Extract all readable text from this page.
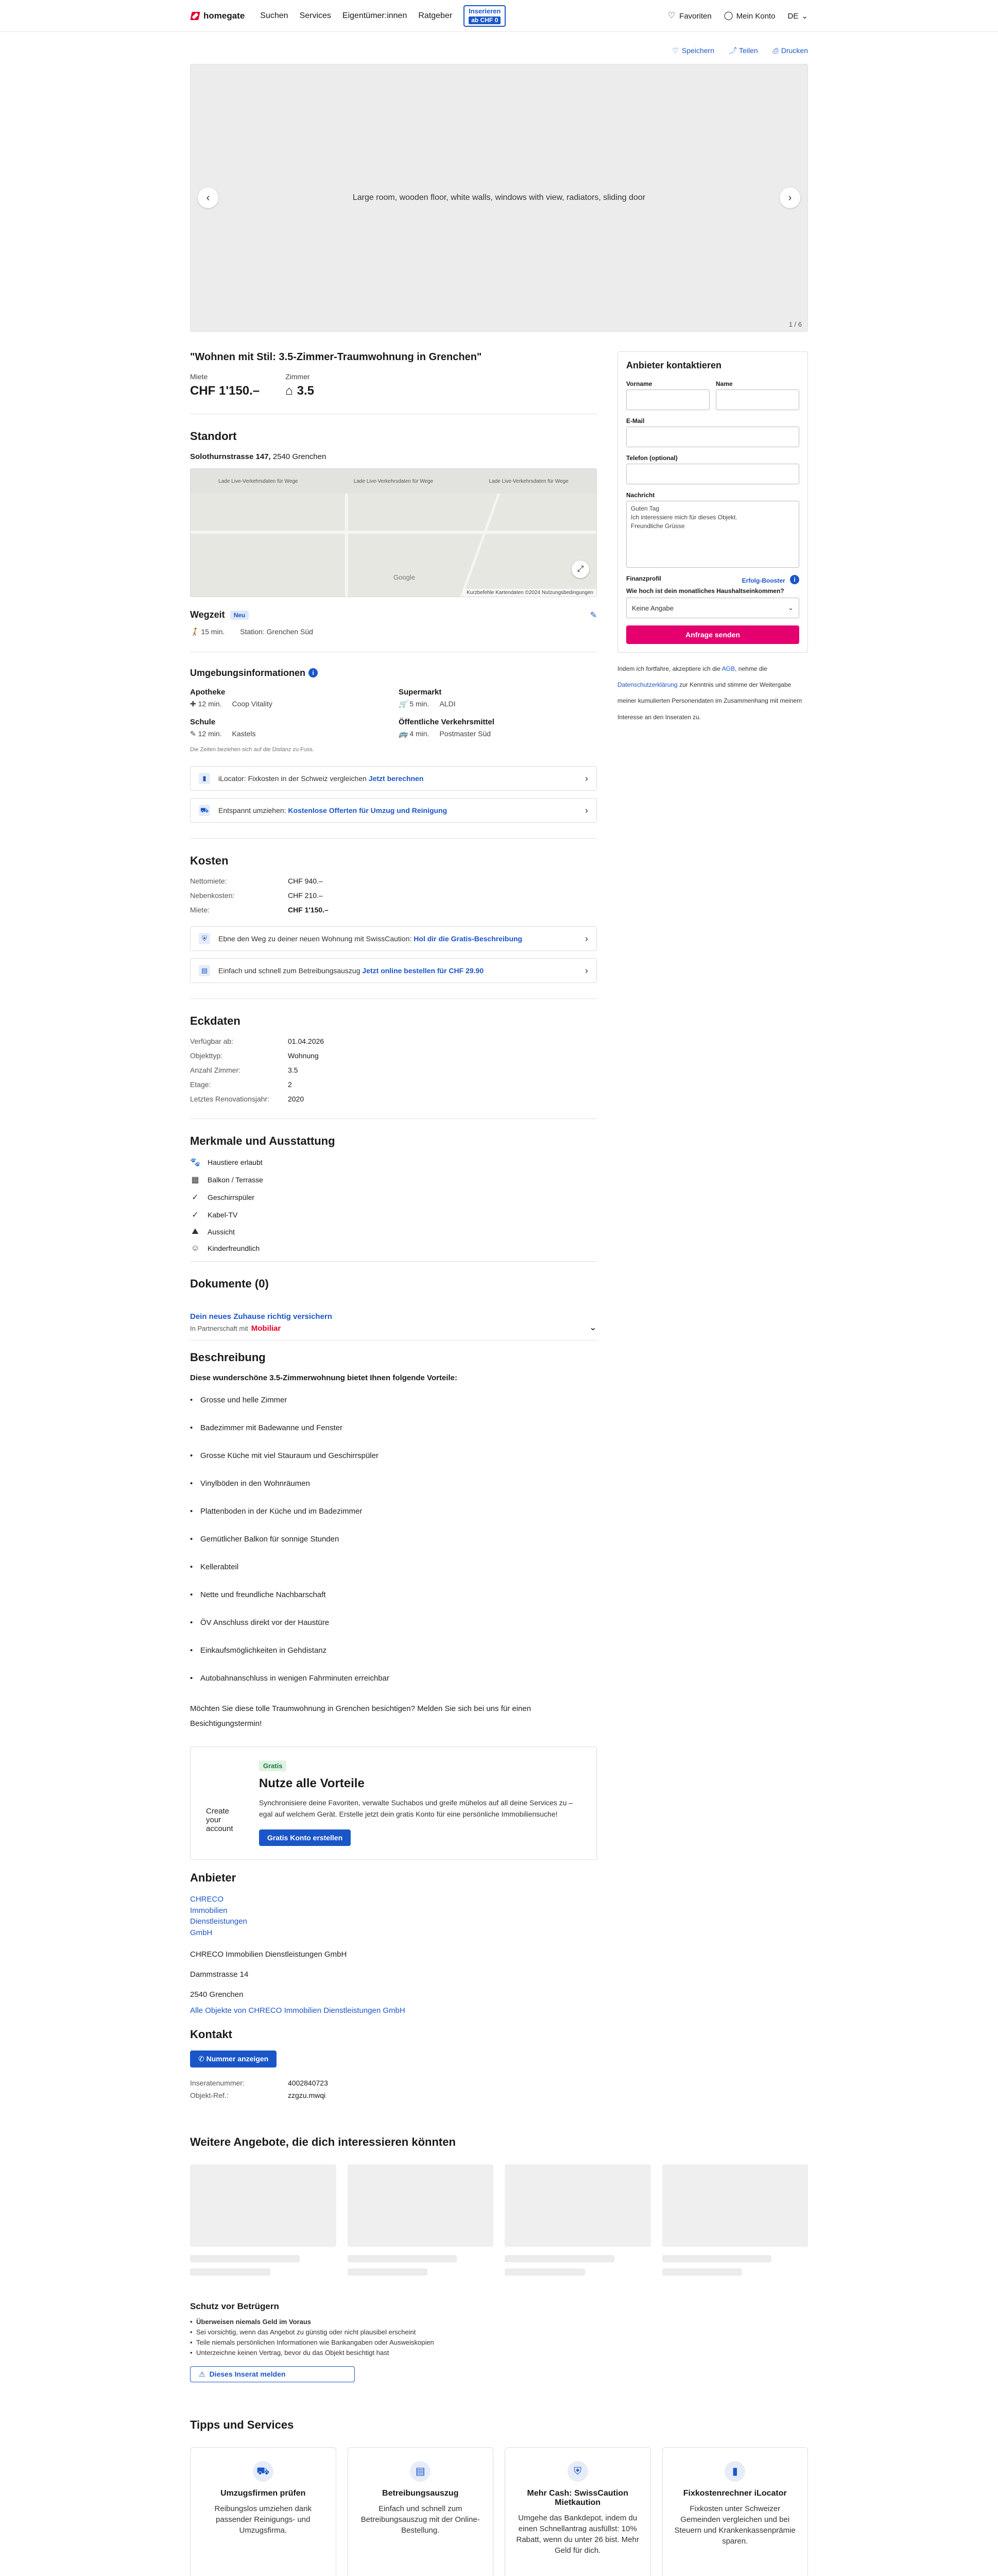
homegate Suchen Services Eigentümer:innen Ratgeber
Inserieren
ab CHF 0	♡ Favoriten ◯ Mein Konto DE ⌄
♡ Speichern ⤴ Teilen ⎙ Drucken
‹	Large room, wooden floor, white walls, windows with view, radiators, sliding door	›
1 / 6
"Wohnen mit Stil: 3.5-Zimmer-Traumwohnung in Grenchen"
Miete
CHF 1'150.–
Zimmer
⌂ 3.5
Standort
Solothurnstrasse 147, 2540 Grenchen
Lade Live-Verkehrsdaten für Wege	Lade Live-Verkehrsdaten für Wege	Lade Live-Verkehrsdaten für Wege
Google
⤢
Kurzbefehle Kartendaten ©2024 Nutzungsbedingungen
Wegzeit	Neu	✎
🚶 15 min. Station: Grenchen Süd
Umgebungsinformationen i
Apotheke
✚ 12 min. Coop Vitality
Supermarkt
🛒 5 min. ALDI
Schule
✎ 12 min. Kastels
Öffentliche Verkehrsmittel
🚌 4 min. Postmaster Süd
Die Zeiten beziehen sich auf die Distanz zu Fuss.
▮	iLocator: Fixkosten in der Schweiz vergleichen Jetzt berechnen	›
⛟ Entspannt umziehen: Kostenlose Offerten für Umzug und Reinigung	›
Kosten
Nettomiete:	CHF 940.–
Nebenkosten:	CHF 210.–
Miete:	CHF 1'150.–
⛨	Ebne den Weg zu deiner neuen Wohnung mit SwissCaution: Hol dir die Gratis-Beschreibung	›
▤	Einfach und schnell zum Betreibungsauszug Jetzt online bestellen für CHF 29.90	›
Eckdaten
Verfügbar ab:	01.04.2026
Objekttyp:	Wohnung
Anzahl Zimmer:	3.5
Etage:	2
Letztes Renovationsjahr:	2020
Merkmale und Ausstattung
🐾 Haustiere erlaubt
▦ Balkon / Terrasse
✓ Geschirrspüler
✓ Kabel-TV
⛰ Aussicht
☺ Kinderfreundlich
Dokumente (0)
Dein neues Zuhause richtig versichern
In Partnerschaft mit Mobiliar	⌄
Beschreibung
Diese wunderschöne 3.5-Zimmerwohnung bietet Ihnen folgende Vorteile:
• Grosse und helle Zimmer
• Badezimmer mit Badewanne und Fenster
• Grosse Küche mit viel Stauraum und Geschirrspüler
• Vinylböden in den Wohnräumen
• Plattenboden in der Küche und im Badezimmer
• Gemütlicher Balkon für sonnige Stunden
• Kellerabteil
• Nette und freundliche Nachbarschaft
• ÖV Anschluss direkt vor der Haustüre
• Einkaufsmöglichkeiten in Gehdistanz
• Autobahnanschluss in wenigen Fahrminuten erreichbar

Möchten Sie diese tolle Traumwohnung in Grenchen besichtigen? Melden Sie sich bei uns für einen Besichtigungstermin!

Create your account
Gratis
Nutze alle Vorteile

Synchronisiere deine Favoriten, verwalte Suchabos und greife mühelos auf all deine Services zu – egal auf welchem Gerät. Erstelle jetzt dein gratis Konto für eine persönliche Immobiliensuche!

Gratis Konto erstellen
Anbieter
CHRECO Immobilien Dienstleistungen GmbH

CHRECO Immobilien Dienstleistungen GmbH

Dammstrasse 14

2540 Grenchen

Alle Objekte von CHRECO Immobilien Dienstleistungen GmbH
Kontakt
✆ Nummer anzeigen
Inseratenummer:	4002840723
Objekt-Ref.:	zzgzu.mwqi
Anbieter kontaktieren
Vorname	Name
E-Mail
Telefon (optional)
Nachricht
Guten Tag
Ich interessiere mich für dieses Objekt.
Freundliche Grüsse
Finanzprofil	Erfolg-Booster i
Wie hoch ist dein monatliches Haushaltseinkommen?
Keine Angabe	⌄
Anfrage senden

Indem ich fortfahre, akzeptiere ich die AGB, nehme die Datenschutzerklärung zur Kenntnis und stimme der Weitergabe meiner kumulierten Personendaten im Zusammenhang mit meinem Interesse an den Inseraten zu.

Weitere Angebote, die dich interessieren könnten
Schutz vor Betrügern
• Überweisen niemals Geld im Voraus
• Sei vorsichtig, wenn das Angebot zu günstig oder nicht plausibel erscheint
• Teile niemals persönlichen Informationen wie Bankangaben oder Ausweiskopien
• Unterzeichne keinen Vertrag, bevor du das Objekt besichtigt hast
⚠ Dieses Inserat melden
Tipps und Services
⛟
Umzugsfirmen prüfen

Reibungslos umziehen dank passender Reinigungs- und Umzugsfirma.

▤
Betreibungsauszug

Einfach und schnell zum Betreibungsauszug mit der Online-Bestellung.

⛨
Mehr Cash: SwissCaution Mietkaution

Umgehe das Bankdepot, indem du einen Schnellantrag ausfüllst: 10% Rabatt, wenn du unter 26 bist. Mehr Geld für dich.

▮
Fixkostenrechner iLocator

Fixkosten unter Schweizer Gemeinden vergleichen und bei Steuern und Krankenkassenprämie sparen.
